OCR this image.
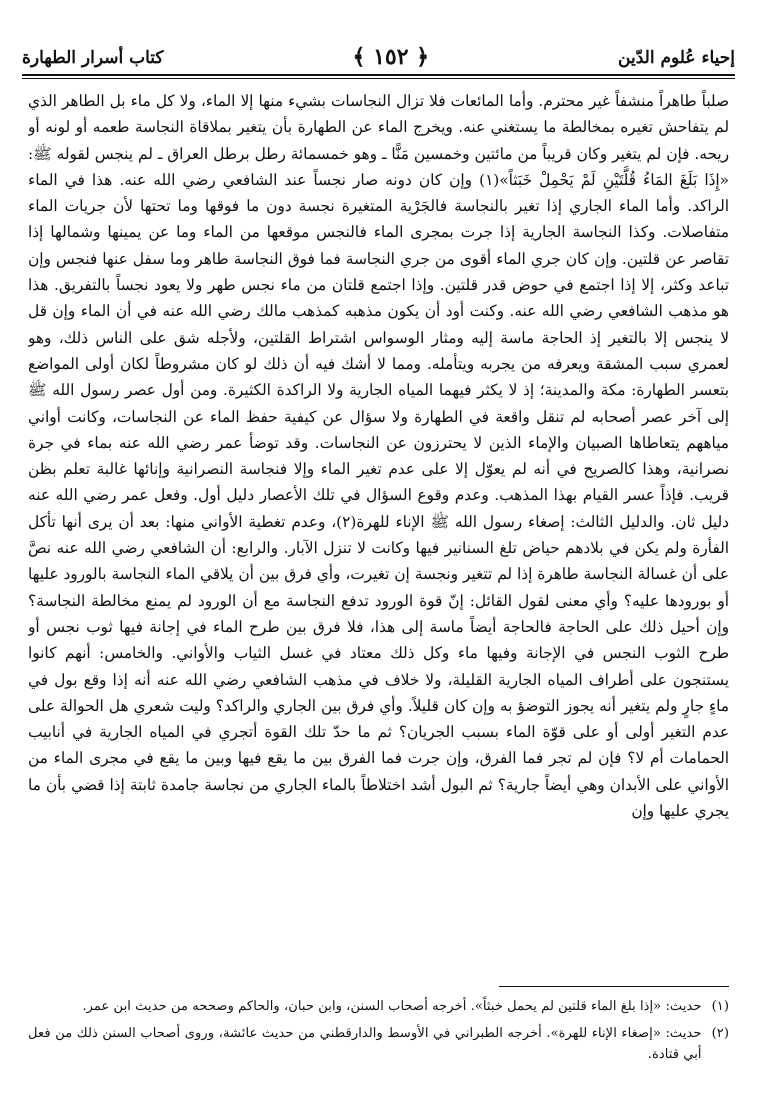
إحياء عُلوم الدّين
﴿ ١٥٢ ﴾
كتاب أسرار الطهارة

صلباً طاهراً منشفاً غير محترم. وأما المائعات فلا تزال النجاسات بشيء منها إلا الماء، ولا كل ماء بل الطاهر الذي لم يتفاحش تغيره بمخالطة ما يستغني عنه. ويخرج الماء عن الطهارة بأن يتغير بملاقاة النجاسة طعمه أو لونه أو ريحه. فإن لم يتغير وكان قريباً من مائتين وخمسين مَنًّا ـ وهو خمسمائة رطل برطل العراق ـ لم ينجس لقوله ﷺ: «إِذَا بَلَغَ المَاءُ قُلَّتَيْنِ لَمْ يَحْمِلْ خَبَثاً»(١) وإن كان دونه صار نجساً عند الشافعي رضي الله عنه. هذا في الماء الراكد. وأما الماء الجاري إذا تغير بالنجاسة فالجَرْية المتغيرة نجسة دون ما فوقها وما تحتها لأن جريات الماء متفاصلات. وكذا النجاسة الجارية إذا جرت بمجرى الماء فالنجس موقعها من الماء وما عن يمينها وشمالها إذا تقاصر عن قلتين. وإن كان جري الماء أقوى من جري النجاسة فما فوق النجاسة طاهر وما سفل عنها فنجس وإن تباعد وكثر، إلا إذا اجتمع في حوض قدر قلتين. وإذا اجتمع قلتان من ماء نجس طهر ولا يعود نجساً بالتفريق. هذا هو مذهب الشافعي رضي الله عنه. وكنت أود أن يكون مذهبه كمذهب مالك رضي الله عنه في أن الماء وإن قل لا ينجس إلا بالتغير إذ الحاجة ماسة إليه ومثار الوسواس اشتراط القلتين، ولأجله شق على الناس ذلك، وهو لعمري سبب المشقة ويعرفه من يجربه ويتأمله. ومما لا أشك فيه أن ذلك لو كان مشروطاً لكان أولى المواضع بتعسر الطهارة: مكة والمدينة؛ إذ لا يكثر فيهما المياه الجارية ولا الراكدة الكثيرة. ومن أول عصر رسول الله ﷺ إلى آخر عصر أصحابه لم تنقل واقعة في الطهارة ولا سؤال عن كيفية حفظ الماء عن النجاسات، وكانت أواني مياههم يتعاطاها الصبيان والإماء الذين لا يحترزون عن النجاسات. وقد توضأ عمر رضي الله عنه بماء في جرة نصرانية، وهذا كالصريح في أنه لم يعوّل إلا على عدم تغير الماء وإلا فنجاسة النصرانية وإنائها غالبة تعلم بظن قريب. فإذاً عسر القيام بهذا المذهب. وعدم وقوع السؤال في تلك الأعصار دليل أول. وفعل عمر رضي الله عنه دليل ثان. والدليل الثالث: إصغاء رسول الله ﷺ الإناء للهرة(٢)، وعدم تغطية الأواني منها: بعد أن يرى أنها تأكل الفأرة ولم يكن في بلادهم حياض تلغ السنانير فيها وكانت لا تنزل الآبار. والرابع: أن الشافعي رضي الله عنه نصَّ على أن غسالة النجاسة طاهرة إذا لم تتغير ونجسة إن تغيرت، وأي فرق بين أن يلاقي الماء النجاسة بالورود عليها أو بورودها عليه؟ وأي معنى لقول القائل: إنّ قوة الورود تدفع النجاسة مع أن الورود لم يمنع مخالطة النجاسة؟ وإن أحيل ذلك على الحاجة فالحاجة أيضاً ماسة إلى هذا، فلا فرق بين طرح الماء في إجانة فيها ثوب نجس أو طرح الثوب النجس في الإجانة وفيها ماء وكل ذلك معتاد في غسل الثياب والأواني. والخامس: أنهم كانوا يستنجون على أطراف المياه الجارية القليلة، ولا خلاف في مذهب الشافعي رضي الله عنه أنه إذا وقع بول في ماءٍ جارٍ ولم يتغير أنه يجوز التوضؤ به وإن كان قليلاً. وأي فرق بين الجاري والراكد؟ وليت شعري هل الحوالة على عدم التغير أولى أو على قوّة الماء بسبب الجريان؟ ثم ما حدّ تلك القوة أتجري في المياه الجارية في أنابيب الحمامات أم لا؟ فإن لم تجر فما الفرق، وإن جرت فما الفرق بين ما يقع فيها وبين ما يقع في مجرى الماء من الأواني على الأبدان وهي أيضاً جارية؟ ثم البول أشد اختلاطاً بالماء الجاري من نجاسة جامدة ثابتة إذا قضي بأن ما يجري عليها وإن

(١)
حديث: «إذا بلغ الماء قلتين لم يحمل خبثاً». أخرجه أصحاب السنن، وابن حبان، والحاكم وصححه من حديث ابن عمر.
(٢)
حديث: «إصغاء الإناء للهرة». أخرجه الطبراني في الأوسط والدارقطني من حديث عائشة، وروى أصحاب السنن ذلك من فعل أبي قتادة.
